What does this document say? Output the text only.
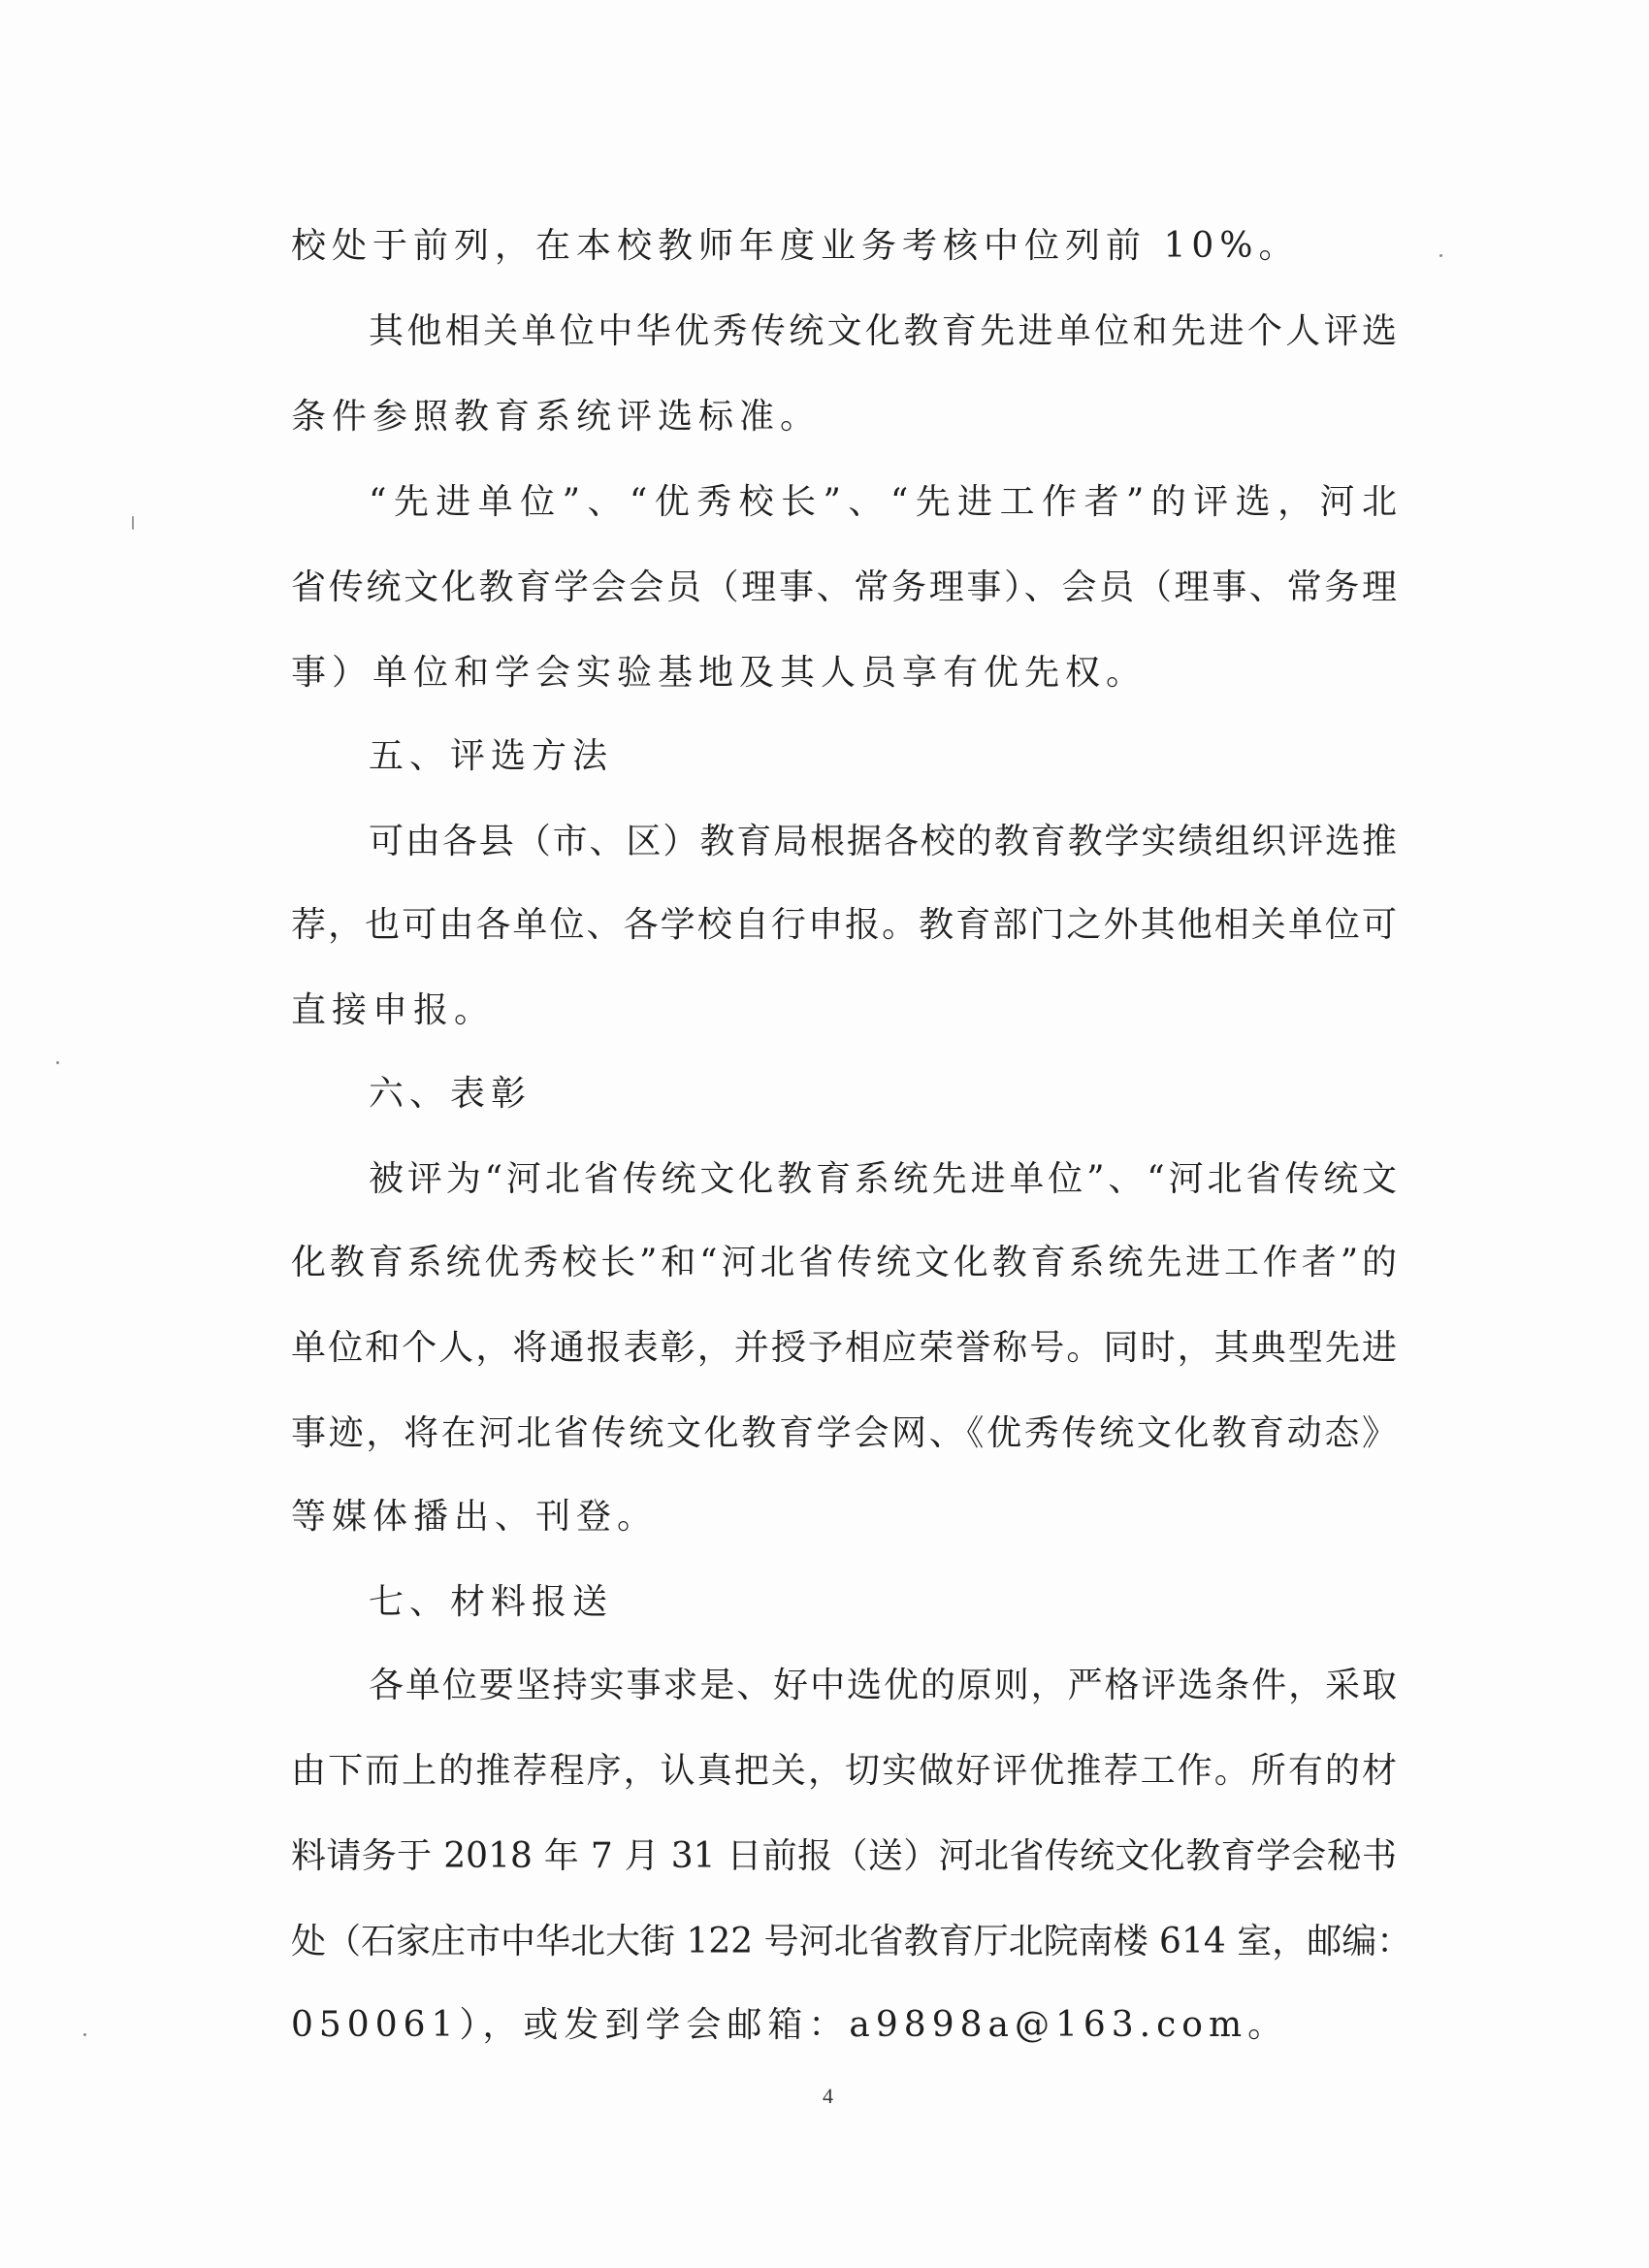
校处于前列，在本校教师年度业务考核中位列前 10%。
其他相关单位中华优秀传统文化教育先进单位和先进个人评选
条件参照教育系统评选标准。
“先进单位”、“优秀校长”、“先进工作者”的评选，河北
省传统文化教育学会会员（理事、常务理事）、会员（理事、常务理
事）单位和学会实验基地及其人员享有优先权。
五、评选方法
可由各县（市、区）教育局根据各校的教育教学实绩组织评选推
荐，也可由各单位、各学校自行申报。教育部门之外其他相关单位可
直接申报。
六、表彰
被评为“河北省传统文化教育系统先进单位”、“河北省传统文
化教育系统优秀校长”和“河北省传统文化教育系统先进工作者”的
单位和个人，将通报表彰，并授予相应荣誉称号。同时，其典型先进
事迹，将在河北省传统文化教育学会网、《优秀传统文化教育动态》
等媒体播出、刊登。
七、材料报送
各单位要坚持实事求是、好中选优的原则，严格评选条件，采取
由下而上的推荐程序，认真把关，切实做好评优推荐工作。所有的材
料请务于 2018 年 7 月 31 日前报（送）河北省传统文化教育学会秘书
处（石家庄市中华北大街 122 号河北省教育厅北院南楼 614 室，邮编：
050061），或发到学会邮箱：a9898a@163.com。
4
